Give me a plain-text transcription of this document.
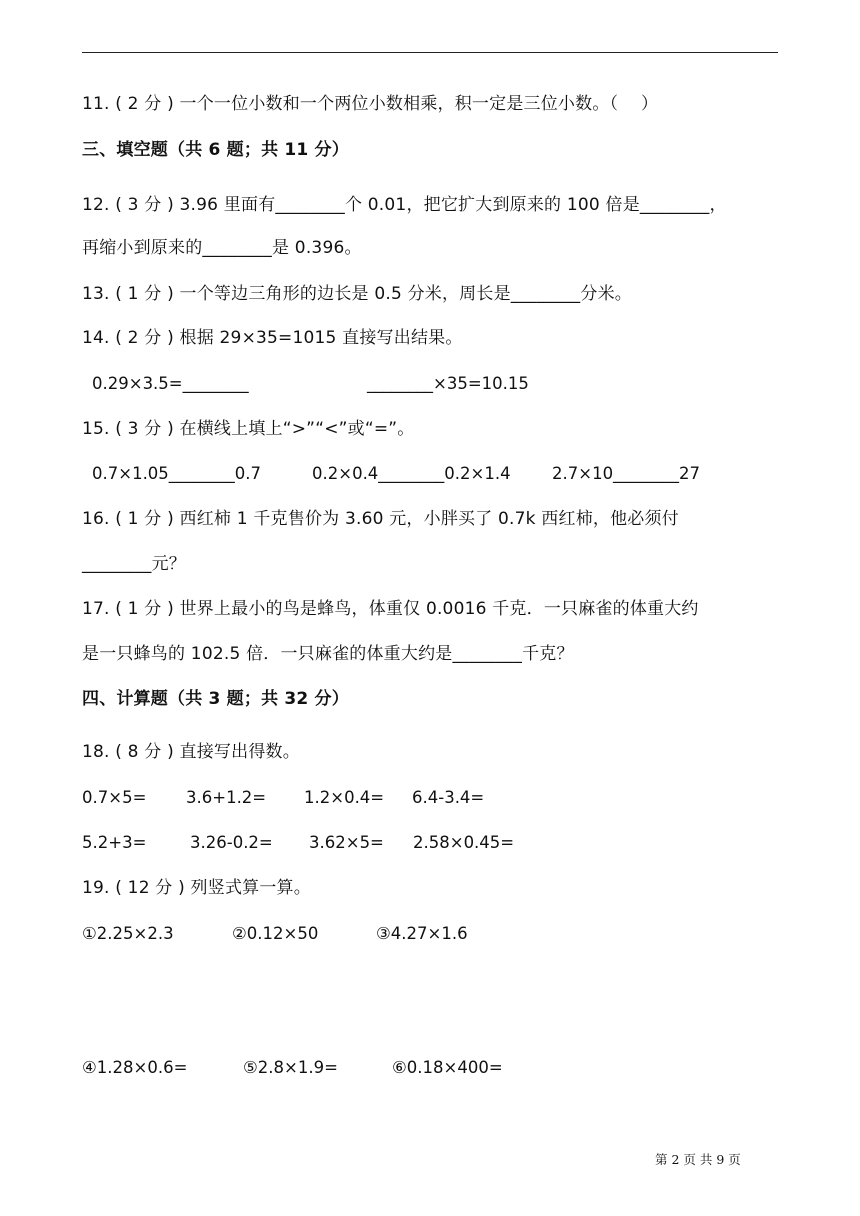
11. ( 2 分 ) 一个一位小数和一个两位小数相乘，积一定是三位小数。（　 ）
三、填空题（共 6 题；共 11 分）
12. ( 3 分 ) 3.96 里面有________个 0.01，把它扩大到原来的 100 倍是________，
再缩小到原来的________是 0.396。
13. ( 1 分 ) 一个等边三角形的边长是 0.5 分米，周长是________分米。
14. ( 2 分 ) 根据 29×35=1015 直接写出结果。
0.29×3.5=________	________×35=10.15
15. ( 3 分 ) 在横线上填上“>”“<”或“=”。
0.7×1.05________0.7	0.2×0.4________0.2×1.4	2.7×10________27
16. ( 1 分 ) 西红柿 1 千克售价为 3.60 元，小胖买了 0.7k 西红柿，他必须付
________元？
17. ( 1 分 ) 世界上最小的鸟是蜂鸟，体重仅 0.0016 千克．一只麻雀的体重大约
是一只蜂鸟的 102.5 倍．一只麻雀的体重大约是________千克？
四、计算题（共 3 题；共 32 分）
18. ( 8 分 ) 直接写出得数。
0.7×5= 3.6+1.2= 1.2×0.4= 6.4-3.4=
5.2+3=	3.26-0.2= 3.62×5= 2.58×0.45=
19. ( 12 分 ) 列竖式算一算。
①2.25×2.3	②0.12×50	③4.27×1.6
④1.28×0.6=	⑤2.8×1.9=	⑥0.18×400=
第 2 页 共 9 页
